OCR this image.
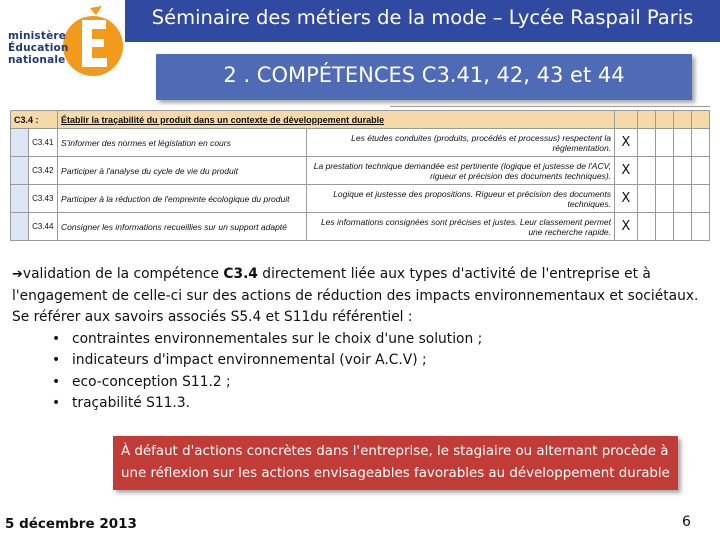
ministère
Éducation
nationale
Séminaire des métiers de la mode – Lycée Raspail Paris
2 . COMPÉTENCES C3.41, 42, 43 et 44
C3.4 :		Établir la traçabilité du produit dans un contexte de développement durable						
	C3.41	S'informer des normes et législation en cours	Les études conduites (produits, procédés et processus) respectent la réglementation.	X				
	C3.42	Participer à l'analyse du cycle de vie du produit	La prestation technique demandée est pertinente (logique et justesse de l'ACV, rigueur et précision des documents techniques).	X				
	C3.43	Participer à la réduction de l'empreinte écologique du produit	Logique et justesse des propositions. Rigueur et précision des documents techniques.	X				
	C3.44	Consigner les informations recueillies sur un support adapté	Les informations consignées sont précises et justes. Leur classement permet une recherche rapide.	X				

➔validation de la compétence C3.4 directement liée aux types d'activité de l'entreprise et à l'engagement de celle-ci sur des actions de réduction des impacts environnementaux et sociétaux. Se référer aux savoirs associés S5.4 et S11du référentiel :

• contraintes environnementales sur le choix d'une solution ;
• indicateurs d'impact environnemental (voir A.C.V) ;
• eco-conception S11.2 ;
• traçabilité S11.3.
À défaut d'actions concrètes dans l'entreprise, le stagiaire ou alternant procède à une réflexion sur les actions envisageables favorables au développement durable
5 décembre 2013	6
